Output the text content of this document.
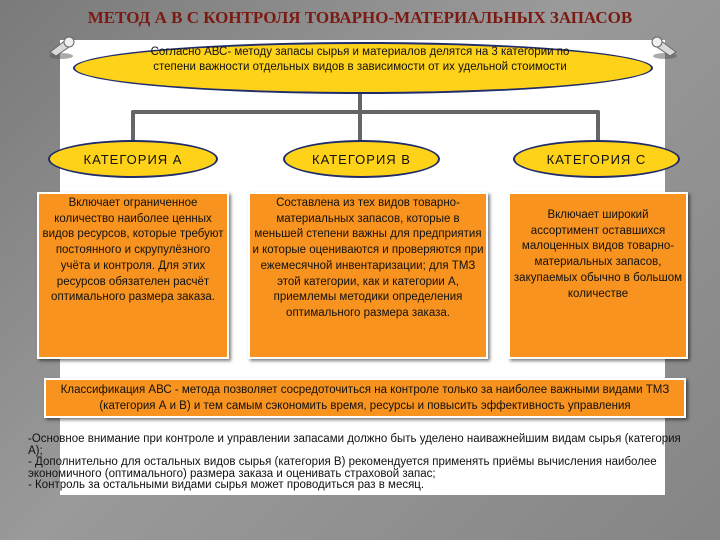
МЕТОД А В С КОНТРОЛЯ ТОВАРНО-МАТЕРИАЛЬНЫХ ЗАПАСОВ
Согласно АВС- методу запасы сырья и материалов делятся на 3 категории по степени важности отдельных видов в зависимости от их удельной стоимости
КАТЕГОРИЯ А	КАТЕГОРИЯ В	КАТЕГОРИЯ С
Включает ограниченное количество наиболее ценных видов ресурсов, которые требуют постоянного и скрупулёзного учёта и контроля. Для этих ресурсов обязателен расчёт оптимального размера заказа.
Составлена из тех видов товарно-материальных запасов, которые в меньшей степени важны для предприятия и которые оцениваются и проверяются при ежемесячной инвентаризации; для ТМЗ этой категории, как и категории А, приемлемы методики определения оптимального размера заказа.
Включает широкий ассортимент оставшихся малоценных видов товарно-материальных запасов, закупаемых обычно в большом количестве
Классификация АВС - метода позволяет сосредоточиться на контроле только за наиболее важными видами ТМЗ (категория А и В) и тем самым сэкономить время, ресурсы и повысить эффективность управления
-Основное внимание при контроле и управлении запасами должно быть уделено наиважнейшим видам сырья (категория А);
- Дополнительно для остальных видов сырья (категория В) рекомендуется применять приёмы вычисления наиболее экономичного (оптимального) размера заказа и оценивать страховой запас;
- Контроль за остальными видами сырья может проводиться раз в месяц.
